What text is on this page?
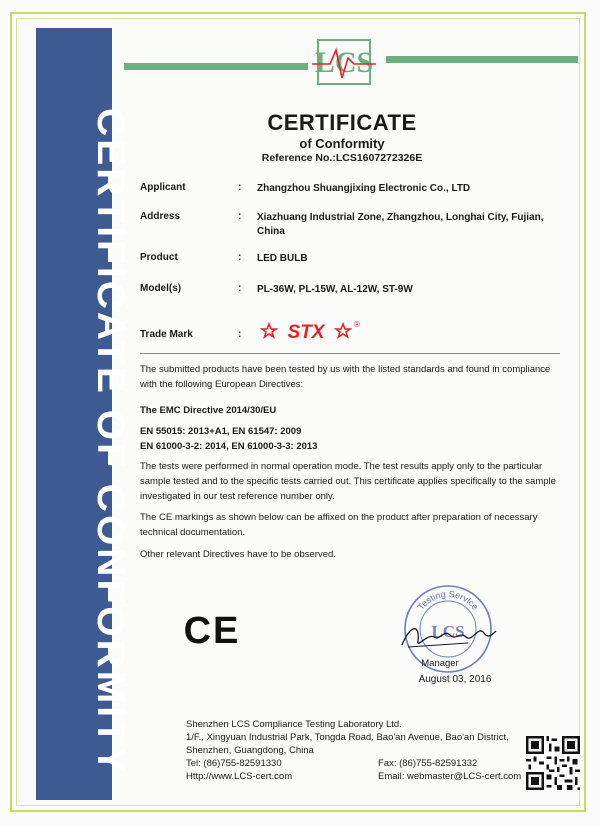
CERTIFICATE OF CONFORMITY
LCS
CERTIFICATE
of Conformity
Reference No.:LCS1607272326E
Applicant	: Zhangzhou Shuangjixing Electronic Co., LTD
Address	: Xiazhuang Industrial Zone, Zhangzhou, Longhai City, Fujian, China
Product	: LED BULB
Model(s)	: PL-36W, PL-15W, AL-12W, ST-9W
Trade Mark	: STX	®
The submitted products have been tested by us with the listed standards and found in compliance with the following European Directives:
The EMC Directive 2014/30/EU
EN 55015: 2013+A1, EN 61547: 2009
EN 61000-3-2: 2014, EN 61000-3-3: 2013
The tests were performed in normal operation mode. The test results apply only to the particular sample tested and to the specific tests carried out. This certificate applies specifically to the sample investigated in our test reference number only.
The CE markings as shown below can be affixed on the product after preparation of necessary technical documentation.
Other relevant Directives have to be observed.
CE
Testing Service
LCS
Manager
August 03, 2016
Shenzhen LCS Compliance Testing Laboratory Ltd.
1/F., Xingyuan Industrial Park, Tongda Road, Bao'an Avenue, Bao'an District,
Shenzhen, Guangdong, China
Tel: (86)755-82591330
Http://www.LCS-cert.com
Fax: (86)755-82591332
Email: webmaster@LCS-cert.com
